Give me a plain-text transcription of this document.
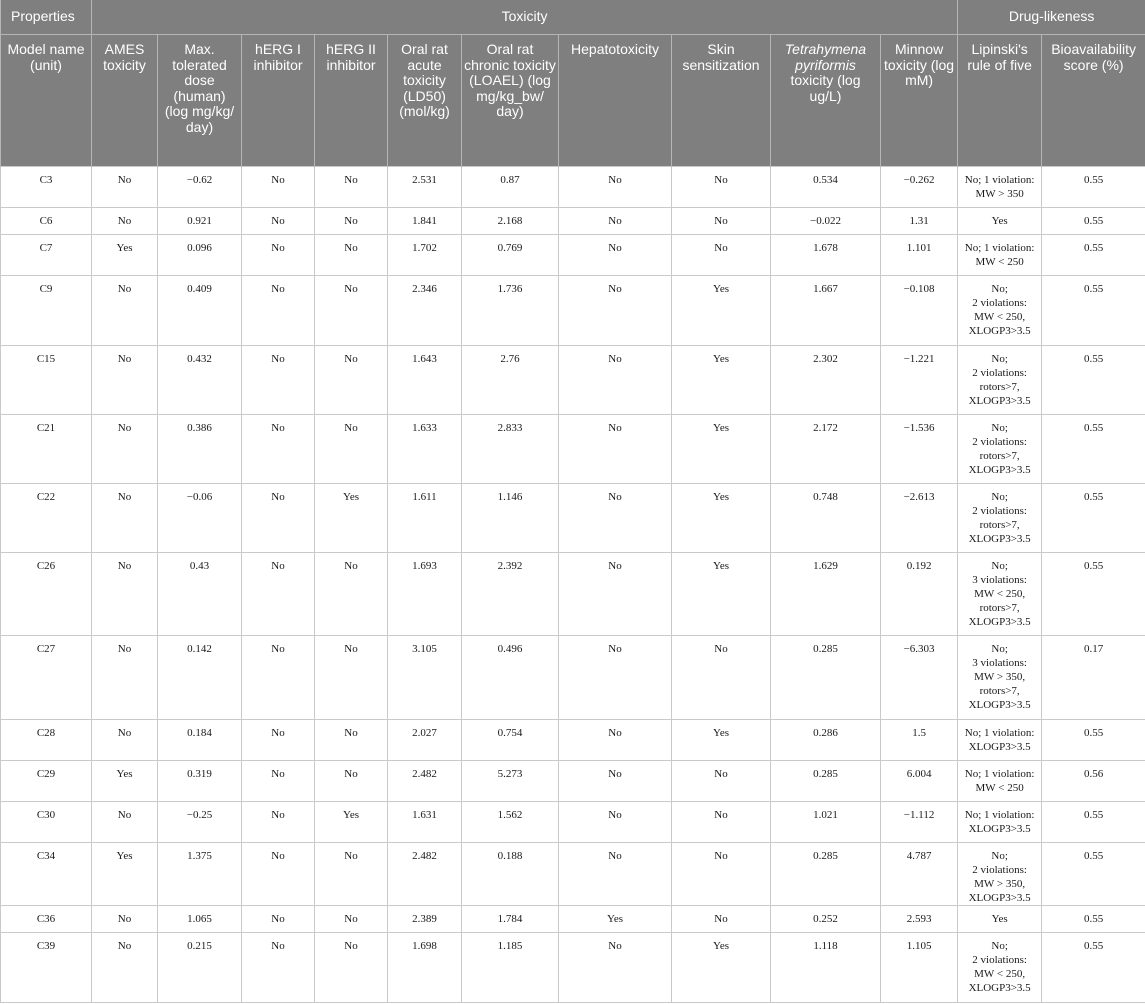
Properties	Toxicity										Drug-likeness	
Model name (unit)	AMES toxicity	Max. tolerated dose (human) (log mg/kg/ day)	hERG I inhibitor	hERG II inhibitor	Oral rat acute toxicity (LD50) (mol/kg)	Oral rat chronic toxicity (LOAEL) (log mg/kg_bw/ day)	Hepatotoxicity	Skin sensitization	Tetrahymena pyriformis toxicity (log ug/L)	Minnow toxicity (log mM)	Lipinski's rule of five	Bioavailability score (%)
C3	No	−0.62	No	No	2.531	0.87	No	No	0.534	−0.262	No; 1 violation:
MW > 350	0.55
C6	No	0.921	No	No	1.841	2.168	No	No	−0.022	1.31	Yes	0.55
C7	Yes	0.096	No	No	1.702	0.769	No	No	1.678	1.101	No; 1 violation:
MW < 250	0.55
C9	No	0.409	No	No	2.346	1.736	No	Yes	1.667	−0.108	No;
2 violations:
MW < 250,
XLOGP3>3.5	0.55
C15	No	0.432	No	No	1.643	2.76	No	Yes	2.302	−1.221	No;
2 violations:
rotors>7,
XLOGP3>3.5	0.55
C21	No	0.386	No	No	1.633	2.833	No	Yes	2.172	−1.536	No;
2 violations:
rotors>7,
XLOGP3>3.5	0.55
C22	No	−0.06	No	Yes	1.611	1.146	No	Yes	0.748	−2.613	No;
2 violations:
rotors>7,
XLOGP3>3.5	0.55
C26	No	0.43	No	No	1.693	2.392	No	Yes	1.629	0.192	No;
3 violations:
MW < 250,
rotors>7,
XLOGP3>3.5	0.55
C27	No	0.142	No	No	3.105	0.496	No	No	0.285	−6.303	No;
3 violations:
MW > 350,
rotors>7,
XLOGP3>3.5	0.17
C28	No	0.184	No	No	2.027	0.754	No	Yes	0.286	1.5	No; 1 violation:
XLOGP3>3.5	0.55
C29	Yes	0.319	No	No	2.482	5.273	No	No	0.285	6.004	No; 1 violation:
MW < 250	0.56
C30	No	−0.25	No	Yes	1.631	1.562	No	No	1.021	−1.112	No; 1 violation:
XLOGP3>3.5	0.55
C34	Yes	1.375	No	No	2.482	0.188	No	No	0.285	4.787	No;
2 violations:
MW > 350,
XLOGP3>3.5	0.55
C36	No	1.065	No	No	2.389	1.784	Yes	No	0.252	2.593	Yes	0.55
C39	No	0.215	No	No	1.698	1.185	No	Yes	1.118	1.105	No;
2 violations:
MW < 250,
XLOGP3>3.5	0.55
